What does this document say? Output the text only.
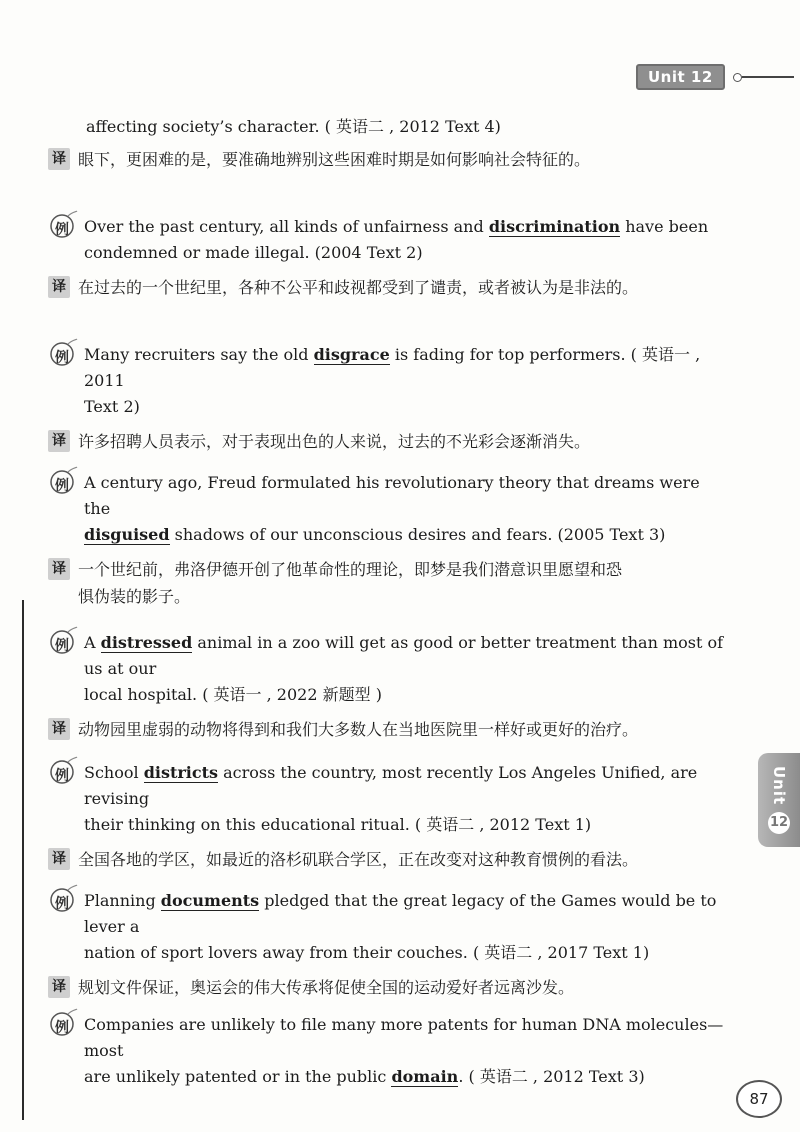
Unit 12
Unit
12
affecting society’s character. ( 英语二 , 2012 Text 4)
译 眼下，更困难的是，要准确地辨别这些困难时期是如何影响社会特征的。
例 Over the past century, all kinds of unfairness and discrimination have been
condemned or made illegal. (2004 Text 2)
译 在过去的一个世纪里，各种不公平和歧视都受到了谴责，或者被认为是非法的。
例 Many recruiters say the old disgrace is fading for top performers. ( 英语一 , 2011
Text 2)
译 许多招聘人员表示，对于表现出色的人来说，过去的不光彩会逐渐消失。
例 A century ago, Freud formulated his revolutionary theory that dreams were the
disguised shadows of our unconscious desires and fears. (2005 Text 3)
译 一个世纪前，弗洛伊德开创了他革命性的理论，即梦是我们潜意识里愿望和恐
惧伪装的影子。
例 A distressed animal in a zoo will get as good or better treatment than most of us at our
local hospital. ( 英语一 , 2022 新题型 )
译 动物园里虚弱的动物将得到和我们大多数人在当地医院里一样好或更好的治疗。
例 School districts across the country, most recently Los Angeles Unified, are revising
their thinking on this educational ritual. ( 英语二 , 2012 Text 1)
译 全国各地的学区，如最近的洛杉矶联合学区，正在改变对这种教育惯例的看法。
例 Planning documents pledged that the great legacy of the Games would be to lever a
nation of sport lovers away from their couches. ( 英语二 , 2017 Text 1)
译 规划文件保证，奥运会的伟大传承将促使全国的运动爱好者远离沙发。
例 Companies are unlikely to file many more patents for human DNA molecules—most
are unlikely patented or in the public domain. ( 英语二 , 2012 Text 3)
87
